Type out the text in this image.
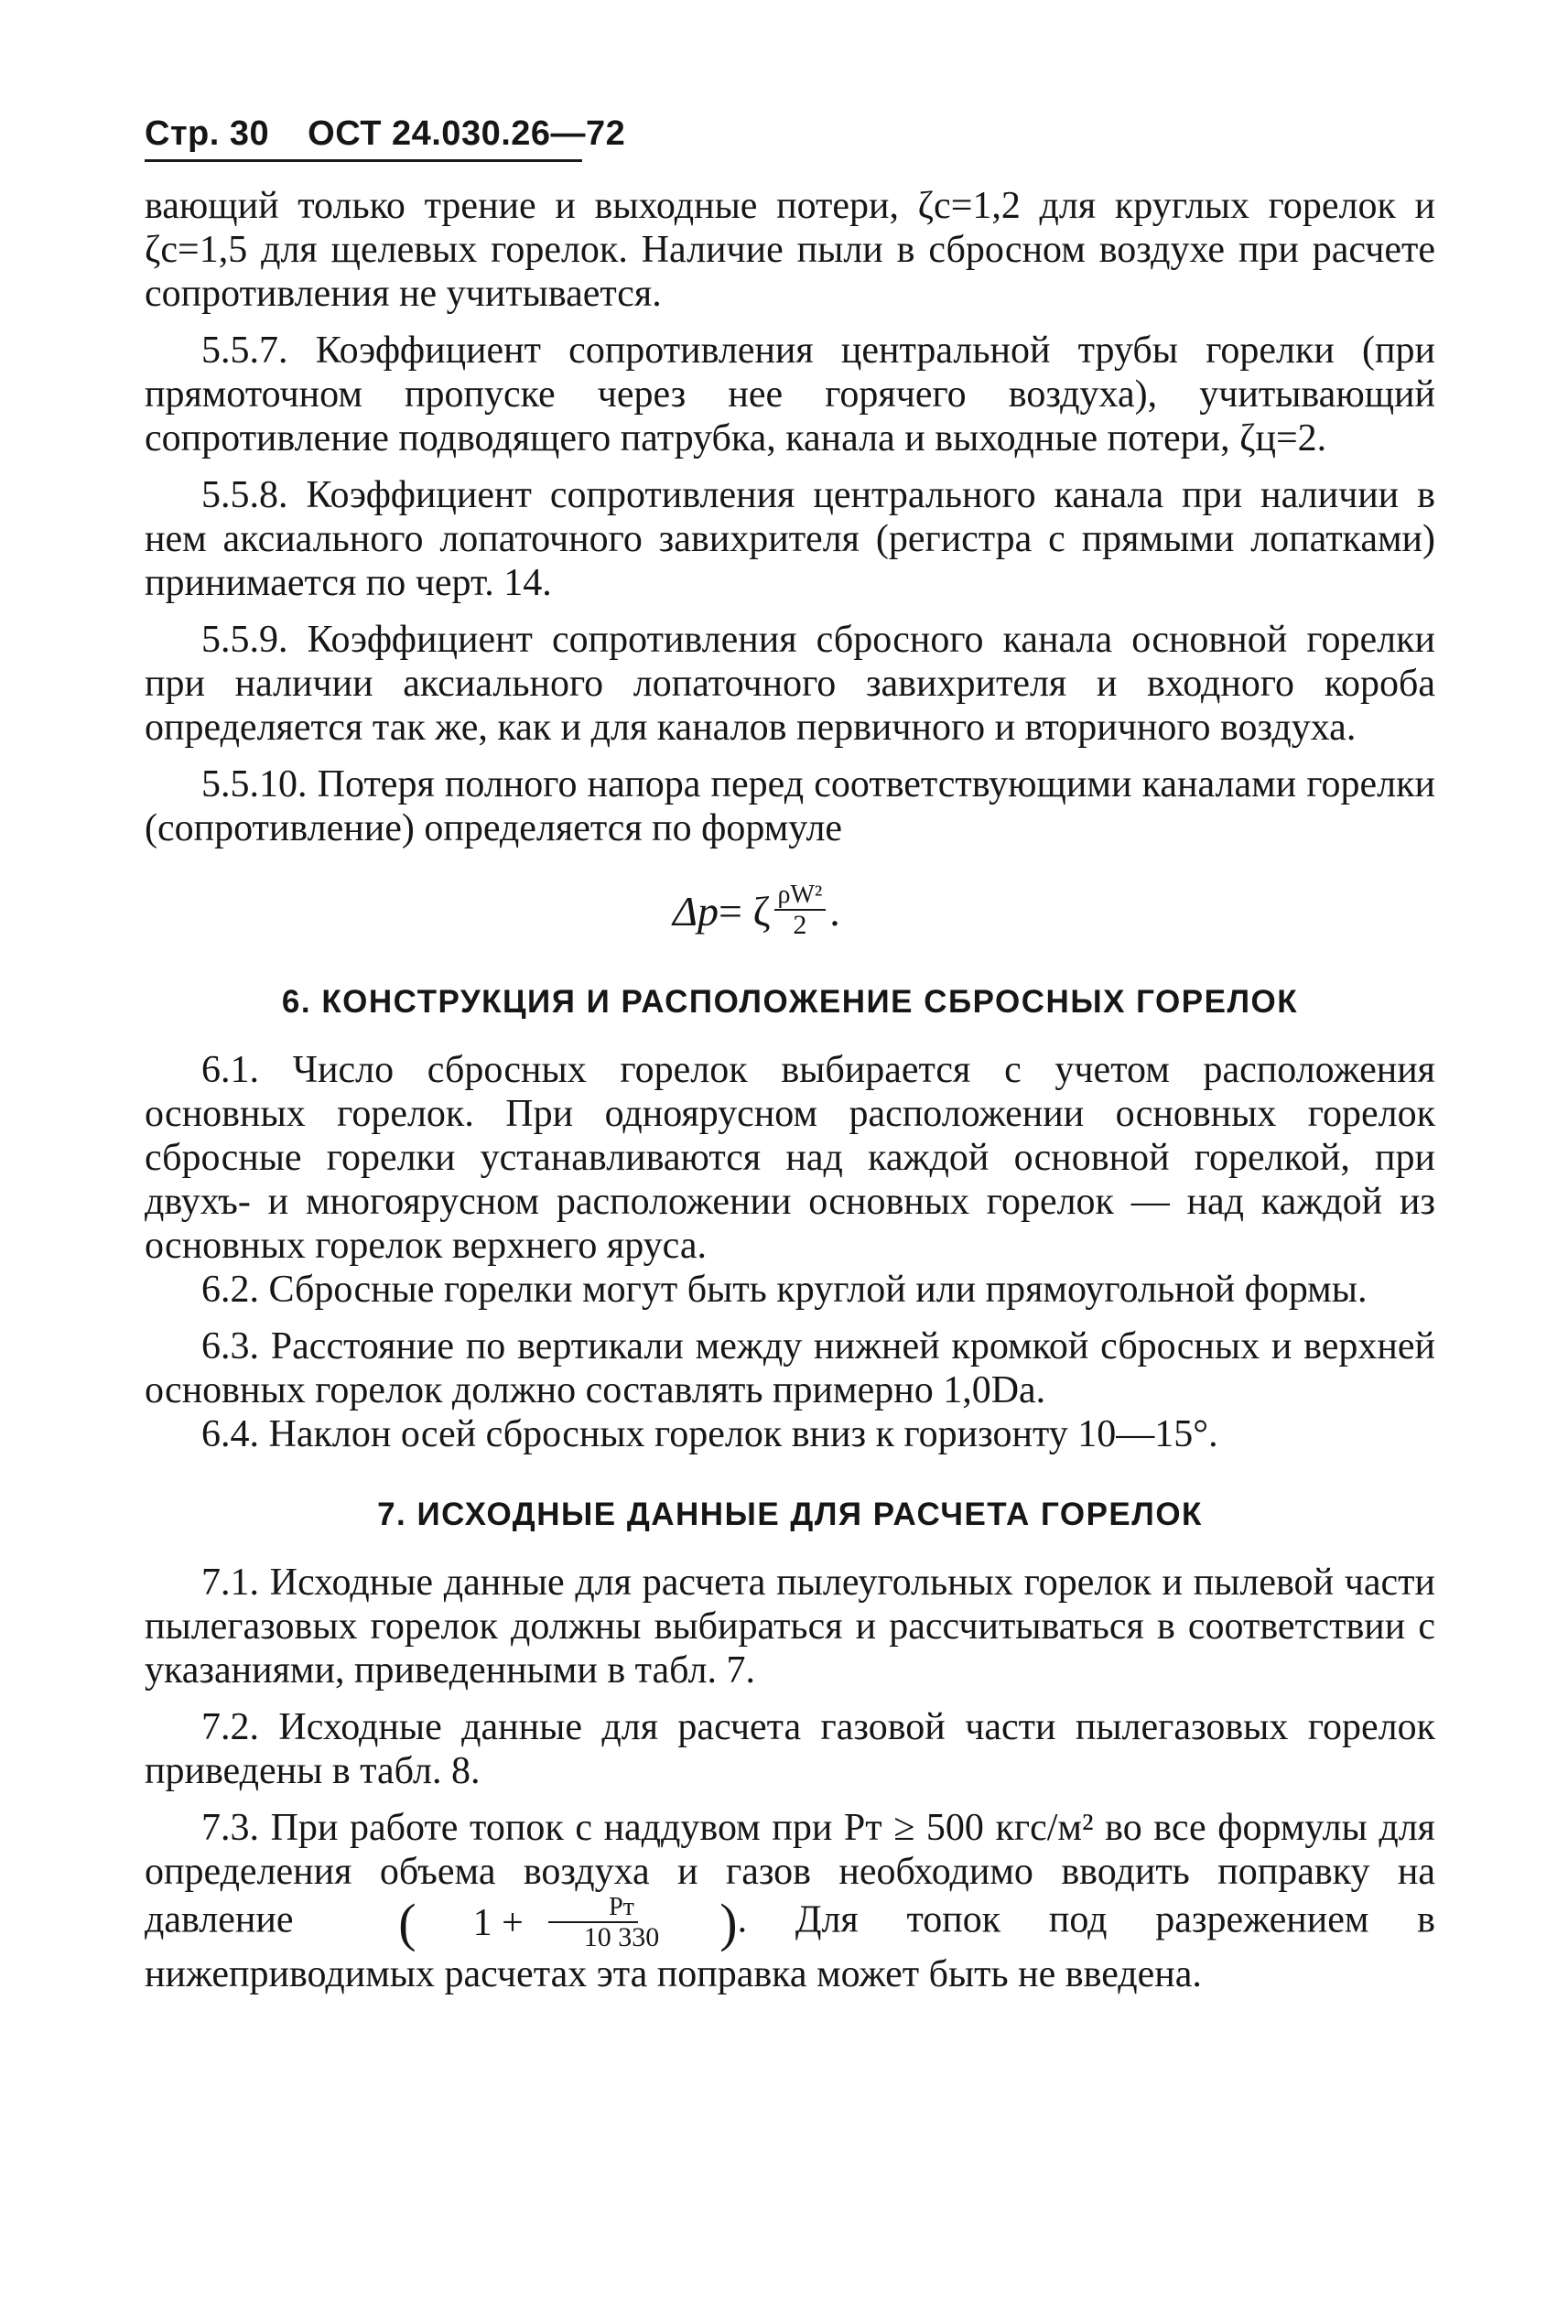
Стр. 30 ОСТ 24.030.26—72

вающий только трение и выходные потери, ζс=1,2 для круглых горелок и ζс=1,5 для щелевых горелок. Наличие пыли в сбросном воздухе при расчете сопротивления не учитывается.

5.5.7. Коэффициент сопротивления центральной трубы горелки (при прямоточном пропуске через нее горячего воздуха), учитывающий сопротивление подводящего патрубка, канала и выходные потери, ζц=2.

5.5.8. Коэффициент сопротивления центрального канала при наличии в нем аксиального лопаточного завихрителя (регистра с прямыми лопатками) принимается по черт. 14.

5.5.9. Коэффициент сопротивления сбросного канала основной горелки при наличии аксиального лопаточного завихрителя и входного короба определяется так же, как и для каналов первичного и вторичного воздуха.

5.5.10. Потеря полного напора перед соответствующими каналами горелки (сопротивление) определяется по формуле

Δp = ζ $\frac{\text{ρW²}}{2}$ .
6. КОНСТРУКЦИЯ И РАСПОЛОЖЕНИЕ СБРОСНЫХ ГОРЕЛОК

6.1. Число сбросных горелок выбирается с учетом расположения основных горелок. При одноярусном расположении основных горелок сбросные горелки устанавливаются над каждой основной горелкой, при двухъ- и многоярусном расположении основных горелок — над каждой из основных горелок верхнего яруса.

6.2. Сбросные горелки могут быть круглой или прямоугольной формы.

6.3. Расстояние по вертикали между нижней кромкой сбросных и верхней основных горелок должно составлять примерно 1,0Dа.

6.4. Наклон осей сбросных горелок вниз к горизонту 10—15°.

7. ИСХОДНЫЕ ДАННЫЕ ДЛЯ РАСЧЕТА ГОРЕЛОК

7.1. Исходные данные для расчета пылеугольных горелок и пылевой части пылегазовых горелок должны выбираться и рассчитываться в соответствии с указаниями, приведенными в табл. 7.

7.2. Исходные данные для расчета газовой части пылегазовых горелок приведены в табл. 8.

7.3. При работе топок с наддувом при Pт ≥ 500 кгс/м² во все формулы для определения объема воздуха и газов необходимо вводить поправку на давление (	$1 + \frac{Pт}{10 330}$ ). Для топок под разрежением в нижеприводимых расчетах эта поправка может быть не введена.
